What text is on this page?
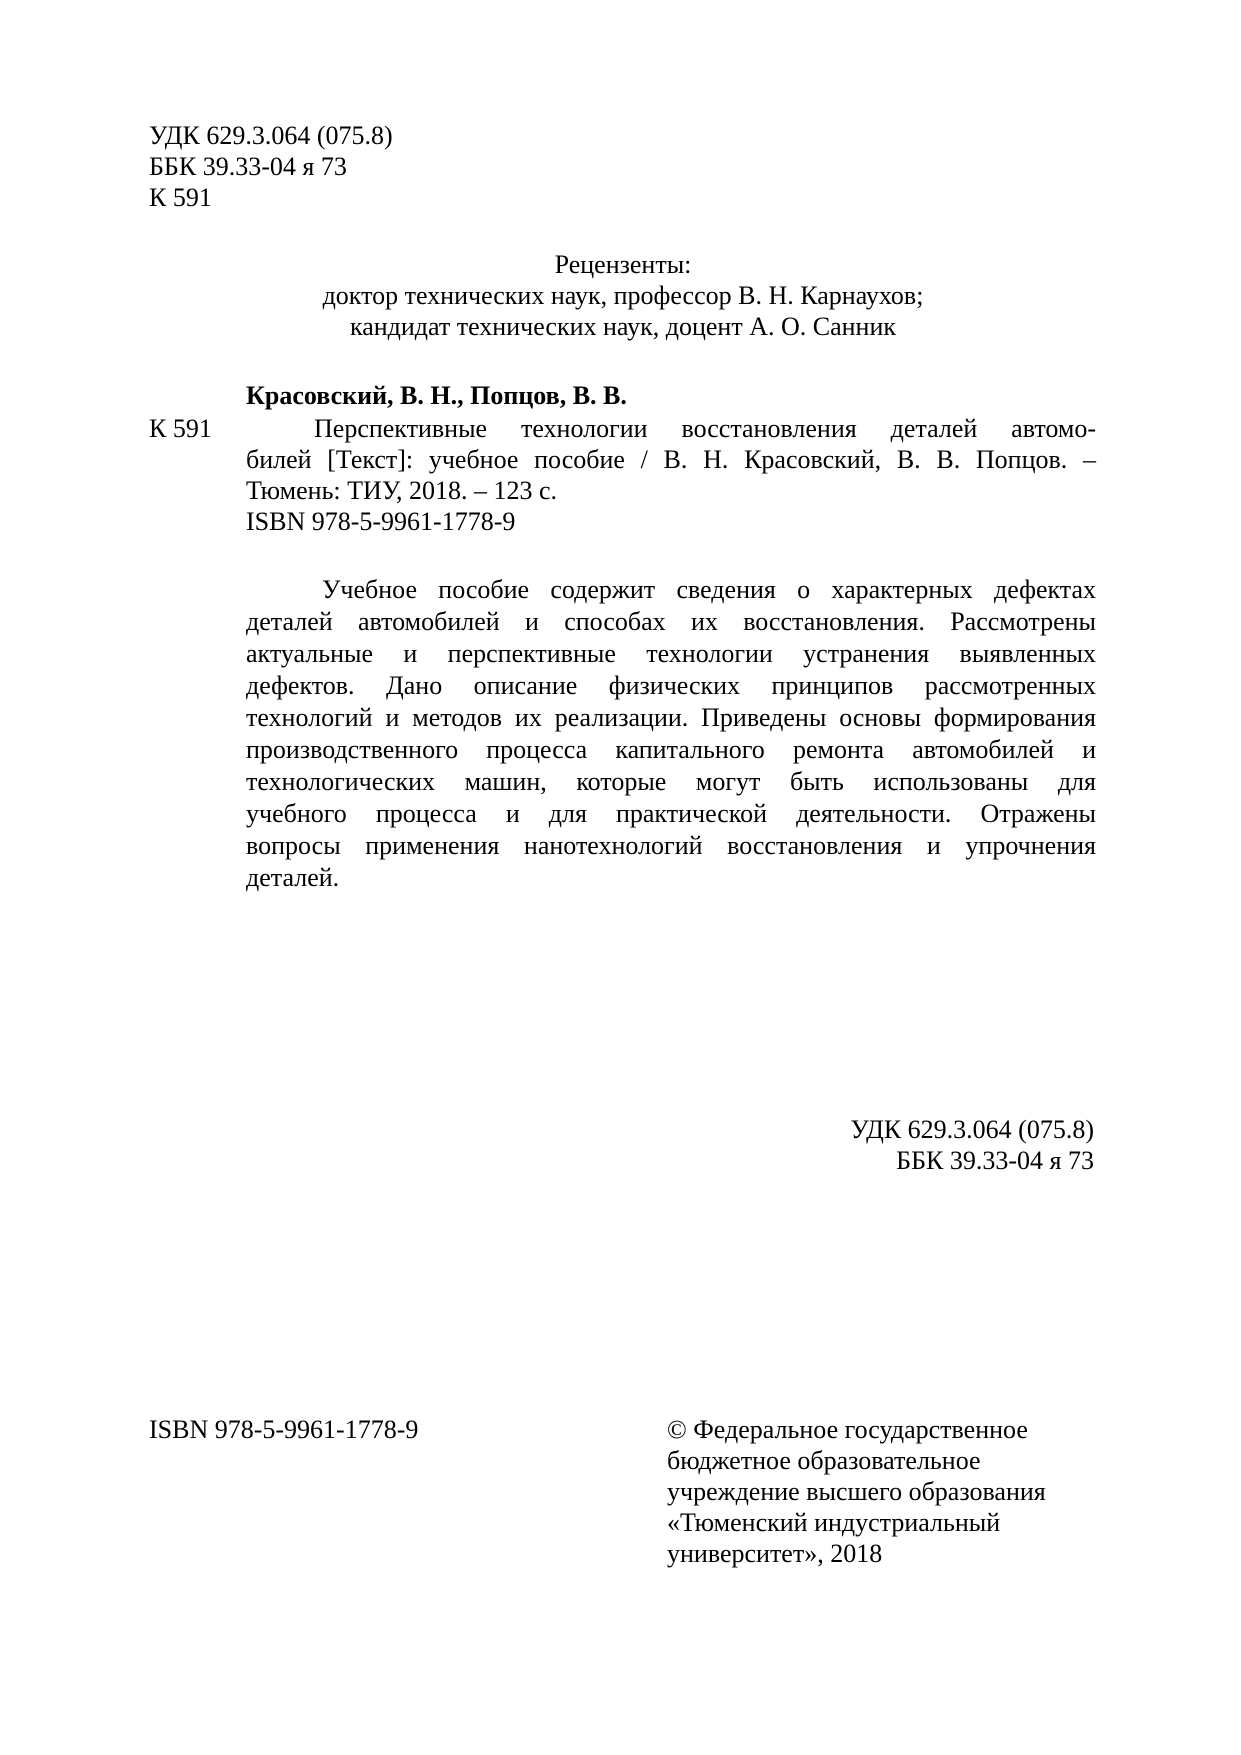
УДК 629.3.064 (075.8)
ББК 39.33-04 я 73
К 591
Рецензенты:
доктор технических наук, профессор В. Н. Карнаухов;
кандидат технических наук, доцент А. О. Санник
Красовский, В. Н., Попцов, В. В.
К 591	Перспективные технологии восстановления деталей автомо-
билей [Текст]: учебное пособие / В. Н. Красовский, В. В. Попцов. –
Тюмень: ТИУ, 2018. – 123 с.
ISBN 978-5-9961-1778-9
Учебное пособие содержит сведения о характерных дефектах
деталей автомобилей и способах их восстановления. Рассмотрены
актуальные и перспективные технологии устранения выявленных
дефектов. Дано описание физических принципов рассмотренных
технологий и методов их реализации. Приведены основы формирования
производственного процесса капитального ремонта автомобилей и
технологических машин, которые могут быть использованы для
учебного процесса и для практической деятельности. Отражены
вопросы применения нанотехнологий восстановления и упрочнения
деталей.
УДК 629.3.064 (075.8)
ББК 39.33-04 я 73
ISBN 978-5-9961-1778-9	© Федеральное государственное
бюджетное образовательное
учреждение высшего образования
«Тюменский индустриальный
университет», 2018
